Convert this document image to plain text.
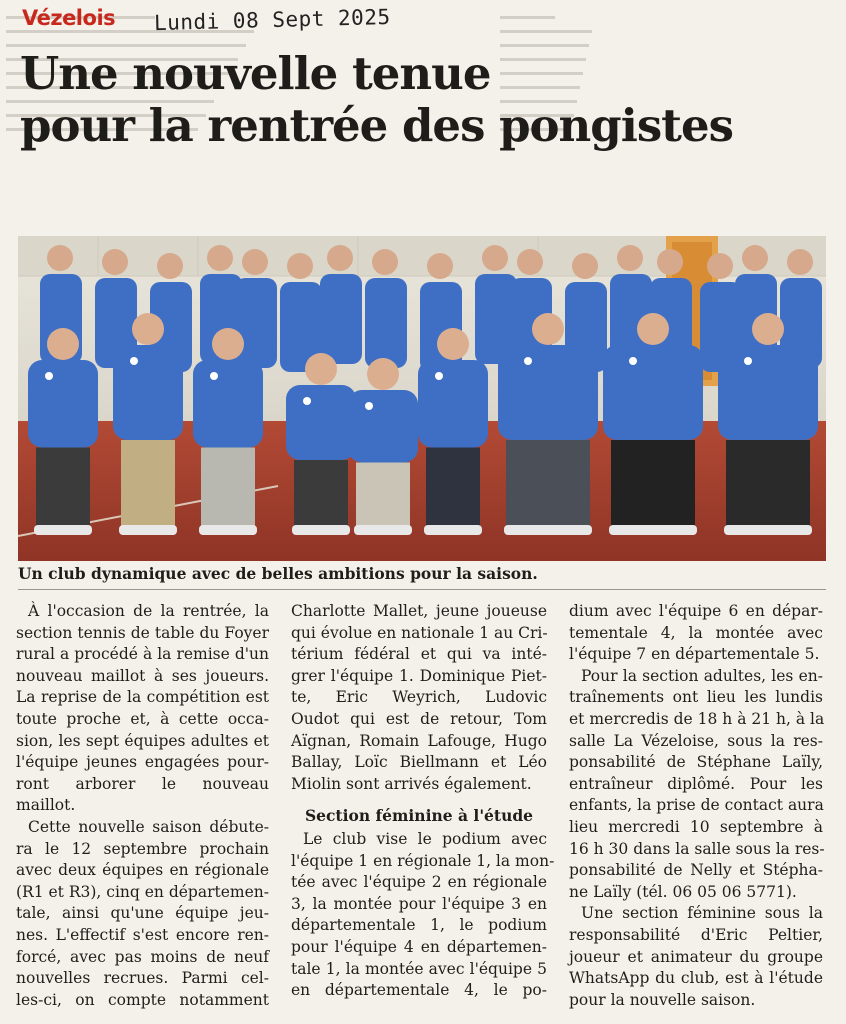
Vézelois Lundi 08 Sept 2025
Une nouvelle tenue
pour la rentrée des pongistes
Un club dynamique avec de belles ambitions pour la saison.
À l'occasion de la rentrée, la
section tennis de table du Foyer
rural a procédé à la remise d'un
nouveau maillot à ses joueurs.
La reprise de la compétition est
toute proche et, à cette occa-
sion, les sept équipes adultes et
l'équipe jeunes engagées pour-
ront arborer le nouveau
maillot.
Cette nouvelle saison débute-
ra le 12 septembre prochain
avec deux équipes en régionale
(R1 et R3), cinq en départemen-
tale, ainsi qu'une équipe jeu-
nes. L'effectif s'est encore ren-
forcé, avec pas moins de neuf
nouvelles recrues. Parmi cel-
les-ci, on compte notamment
Charlotte Mallet, jeune joueuse
qui évolue en nationale 1 au Cri-
térium fédéral et qui va inté-
grer l'équipe 1. Dominique Piet-
te, Eric Weyrich, Ludovic
Oudot qui est de retour, Tom
Aïgnan, Romain Lafouge, Hugo
Ballay, Loïc Biellmann et Léo
Miolin sont arrivés également.
Section féminine à l'étude
Le club vise le podium avec
l'équipe 1 en régionale 1, la mon-
tée avec l'équipe 2 en régionale
3, la montée pour l'équipe 3 en
départementale 1, le podium
pour l'équipe 4 en départemen-
tale 1, la montée avec l'équipe 5
en départementale 4, le po-
dium avec l'équipe 6 en dépar-
tementale 4, la montée avec
l'équipe 7 en départementale 5.
Pour la section adultes, les en-
traînements ont lieu les lundis
et mercredis de 18 h à 21 h, à la
salle La Vézeloise, sous la res-
ponsabilité de Stéphane Laïly,
entraîneur diplômé. Pour les
enfants, la prise de contact aura
lieu mercredi 10 septembre à
16 h 30 dans la salle sous la res-
ponsabilité de Nelly et Stépha-
ne Laïly (tél. 06 05 06 5771).
Une section féminine sous la
responsabilité d'Eric Peltier,
joueur et animateur du groupe
WhatsApp du club, est à l'étude
pour la nouvelle saison.
